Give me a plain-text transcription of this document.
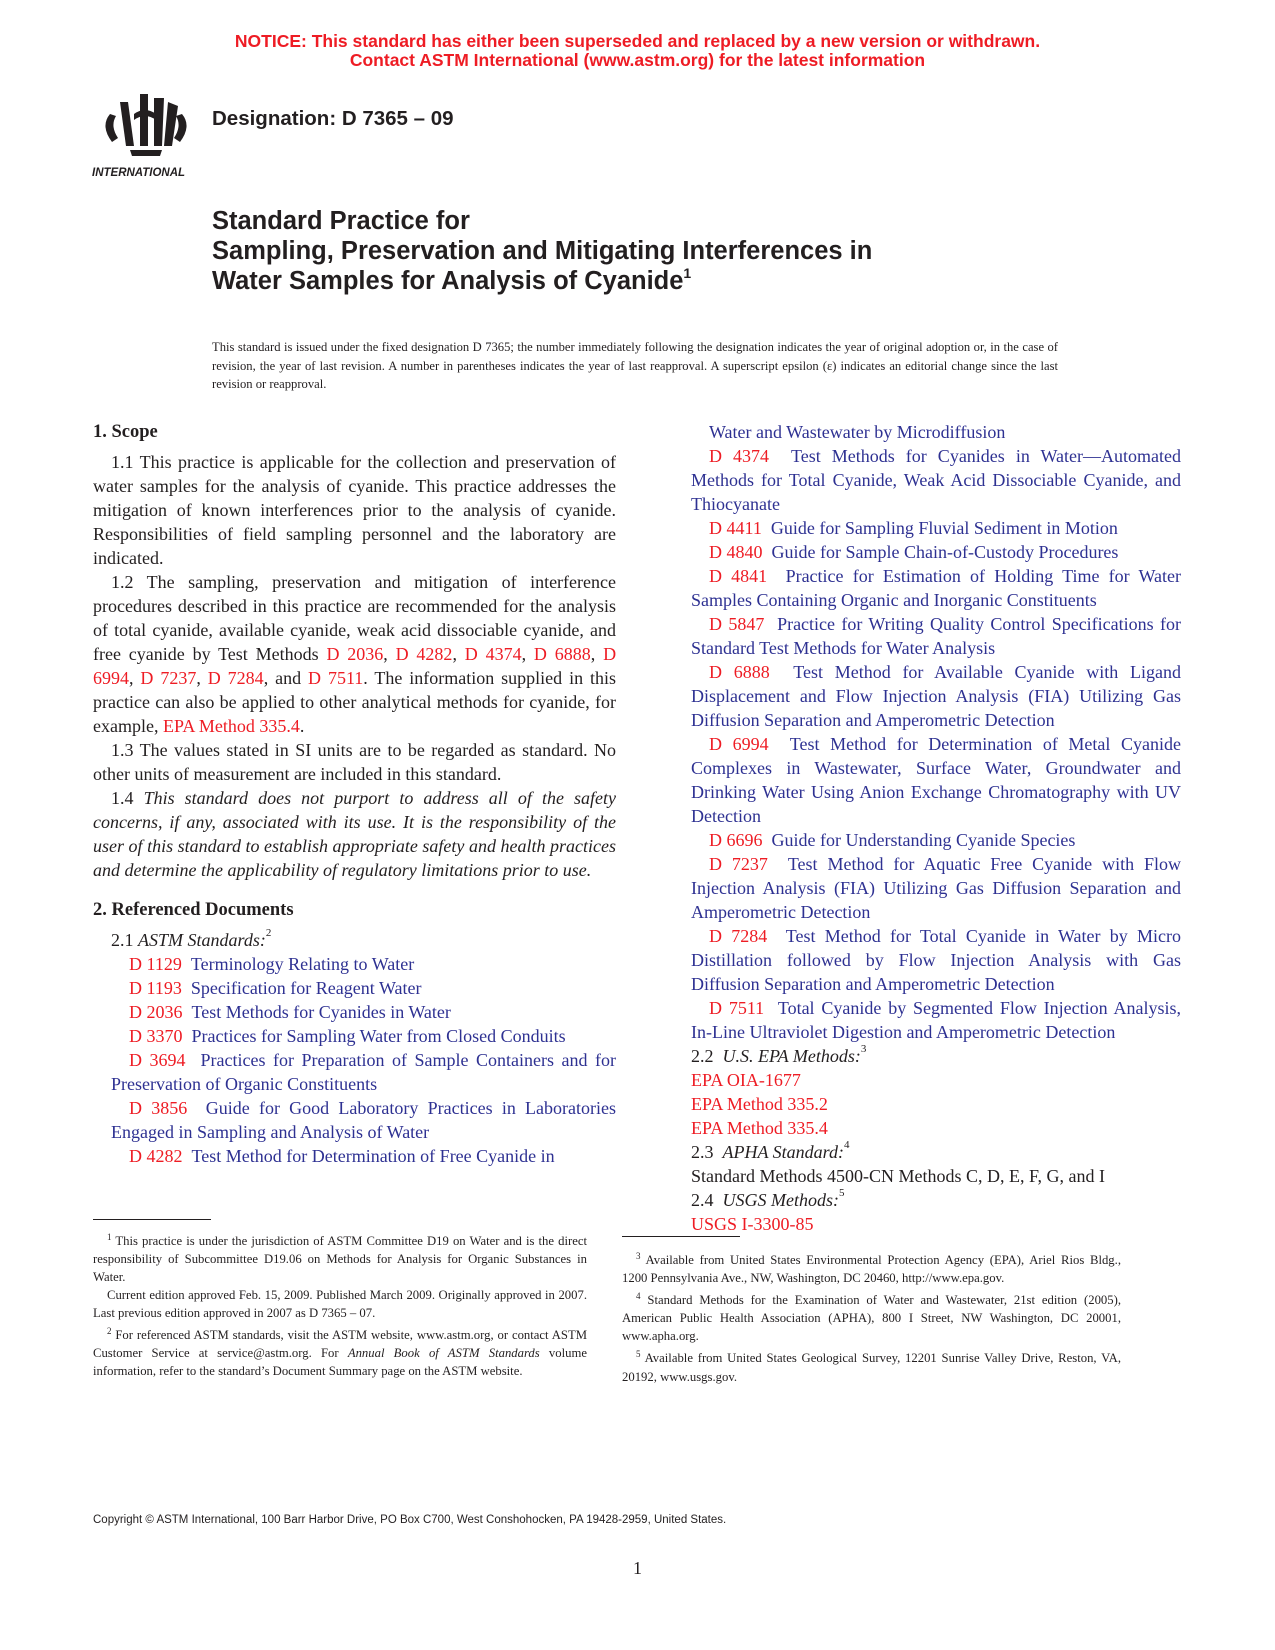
NOTICE: This standard has either been superseded and replaced by a new version or withdrawn.
Contact ASTM International (www.astm.org) for the latest information
INTERNATIONAL
Designation: D 7365 – 09
Standard Practice for
Sampling, Preservation and Mitigating Interferences in
Water Samples for Analysis of Cyanide$^1$
This standard is issued under the fixed designation D 7365; the number immediately following the designation indicates the year of original adoption or, in the case of revision, the year of last revision. A number in parentheses indicates the year of last reapproval. A superscript epsilon (ε) indicates an editorial change since the last revision or reapproval.
1. Scope

1.1 This practice is applicable for the collection and preservation of water samples for the analysis of cyanide. This practice addresses the mitigation of known interferences prior to the analysis of cyanide. Responsibilities of field sampling personnel and the laboratory are indicated.

1.2 The sampling, preservation and mitigation of interference procedures described in this practice are recommended for the analysis of total cyanide, available cyanide, weak acid dissociable cyanide, and free cyanide by Test Methods D 2036, D 4282, D 4374, D 6888, D 6994, D 7237, D 7284, and D 7511. The information supplied in this practice can also be applied to other analytical methods for cyanide, for example, EPA Method 335.4.

1.3 The values stated in SI units are to be regarded as standard. No other units of measurement are included in this standard.

1.4 This standard does not purport to address all of the safety concerns, if any, associated with its use. It is the responsibility of the user of this standard to establish appropriate safety and health practices and determine the applicability of regulatory limitations prior to use.

2. Referenced Documents

2.1 ASTM Standards:$^2$

D 1129 Terminology Relating to Water

D 1193 Specification for Reagent Water

D 2036 Test Methods for Cyanides in Water

D 3370 Practices for Sampling Water from Closed Conduits

D 3694 Practices for Preparation of Sample Containers and for Preservation of Organic Constituents

D 3856 Guide for Good Laboratory Practices in Laboratories Engaged in Sampling and Analysis of Water

D 4282 Test Method for Determination of Free Cyanide in

Water and Wastewater by Microdiffusion

D 4374 Test Methods for Cyanides in Water—Automated Methods for Total Cyanide, Weak Acid Dissociable Cyanide, and Thiocyanate

D 4411 Guide for Sampling Fluvial Sediment in Motion

D 4840 Guide for Sample Chain-of-Custody Procedures

D 4841 Practice for Estimation of Holding Time for Water Samples Containing Organic and Inorganic Constituents

D 5847 Practice for Writing Quality Control Specifications for Standard Test Methods for Water Analysis

D 6888 Test Method for Available Cyanide with Ligand Displacement and Flow Injection Analysis (FIA) Utilizing Gas Diffusion Separation and Amperometric Detection

D 6994 Test Method for Determination of Metal Cyanide Complexes in Wastewater, Surface Water, Groundwater and Drinking Water Using Anion Exchange Chromatography with UV Detection

D 6696 Guide for Understanding Cyanide Species

D 7237 Test Method for Aquatic Free Cyanide with Flow Injection Analysis (FIA) Utilizing Gas Diffusion Separation and Amperometric Detection

D 7284 Test Method for Total Cyanide in Water by Micro Distillation followed by Flow Injection Analysis with Gas Diffusion Separation and Amperometric Detection

D 7511 Total Cyanide by Segmented Flow Injection Analysis, In-Line Ultraviolet Digestion and Amperometric Detection

2.2 U.S. EPA Methods:$^3$

EPA OIA-1677

EPA Method 335.2

EPA Method 335.4

2.3 APHA Standard:$^4$

Standard Methods 4500-CN Methods C, D, E, F, G, and I

2.4 USGS Methods:$^5$

USGS I-3300-85

$^1$ This practice is under the jurisdiction of ASTM Committee D19 on Water and is the direct responsibility of Subcommittee D19.06 on Methods for Analysis for Organic Substances in Water.

Current edition approved Feb. 15, 2009. Published March 2009. Originally approved in 2007. Last previous edition approved in 2007 as D 7365 – 07.

$^2$ For referenced ASTM standards, visit the ASTM website, www.astm.org, or contact ASTM Customer Service at service@astm.org. For Annual Book of ASTM Standards volume information, refer to the standard’s Document Summary page on the ASTM website.

$^3$ Available from United States Environmental Protection Agency (EPA), Ariel Rios Bldg., 1200 Pennsylvania Ave., NW, Washington, DC 20460, http://www.epa.gov.

$^4$ Standard Methods for the Examination of Water and Wastewater, 21st edition (2005), American Public Health Association (APHA), 800 I Street, NW Washington, DC 20001, www.apha.org.

$^5$ Available from United States Geological Survey, 12201 Sunrise Valley Drive, Reston, VA, 20192, www.usgs.gov.

Copyright © ASTM International, 100 Barr Harbor Drive, PO Box C700, West Conshohocken, PA 19428-2959, United States.
1
